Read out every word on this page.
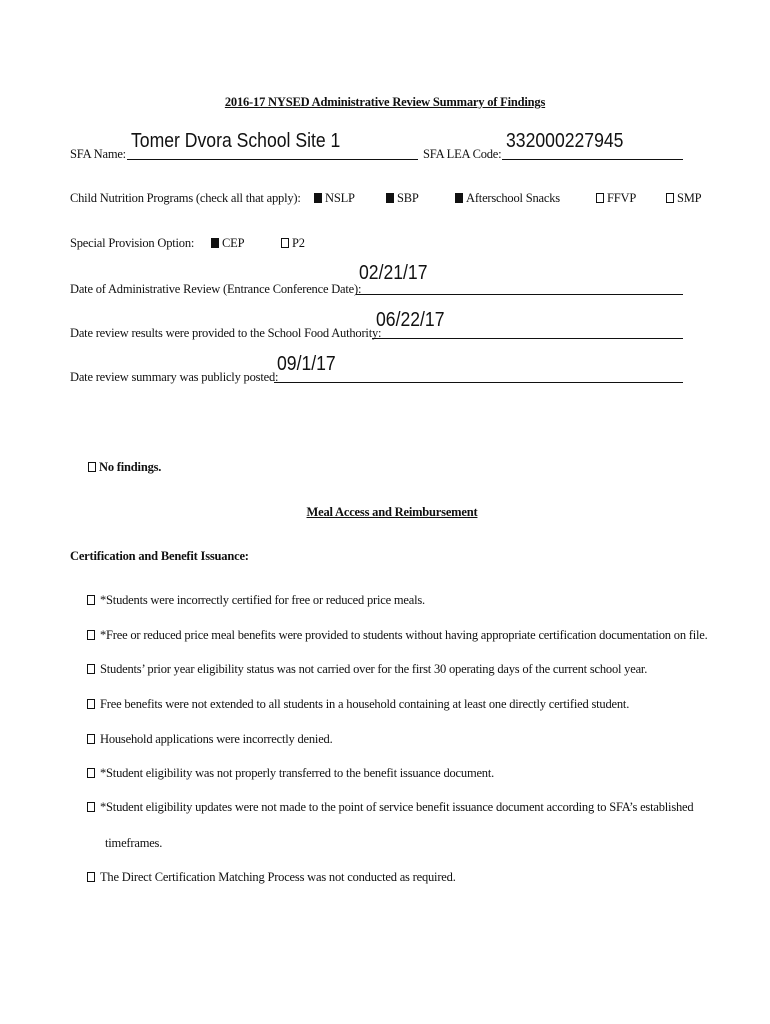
2016-17 NYSED Administrative Review Summary of Findings
SFA Name:
Tomer Dvora School Site 1
SFA LEA Code:
332000227945
Child Nutrition Programs (check all that apply):	NSLP	SBP	Afterschool Snacks	FFVP	SMP
Special Provision Option:	CEP	P2
Date of Administrative Review (Entrance Conference Date):
02/21/17
Date review results were provided to the School Food Authority:
06/22/17
Date review summary was publicly posted:
09/1/17
No findings.
Meal Access and Reimbursement
Certification and Benefit Issuance:
*Students were incorrectly certified for free or reduced price meals.
*Free or reduced price meal benefits were provided to students without having appropriate certification documentation on file.
Students’ prior year eligibility status was not carried over for the first 30 operating days of the current school year.
Free benefits were not extended to all students in a household containing at least one directly certified student.
Household applications were incorrectly denied.
*Student eligibility was not properly transferred to the benefit issuance document.
*Student eligibility updates were not made to the point of service benefit issuance document according to SFA’s established
timeframes.
The Direct Certification Matching Process was not conducted as required.
